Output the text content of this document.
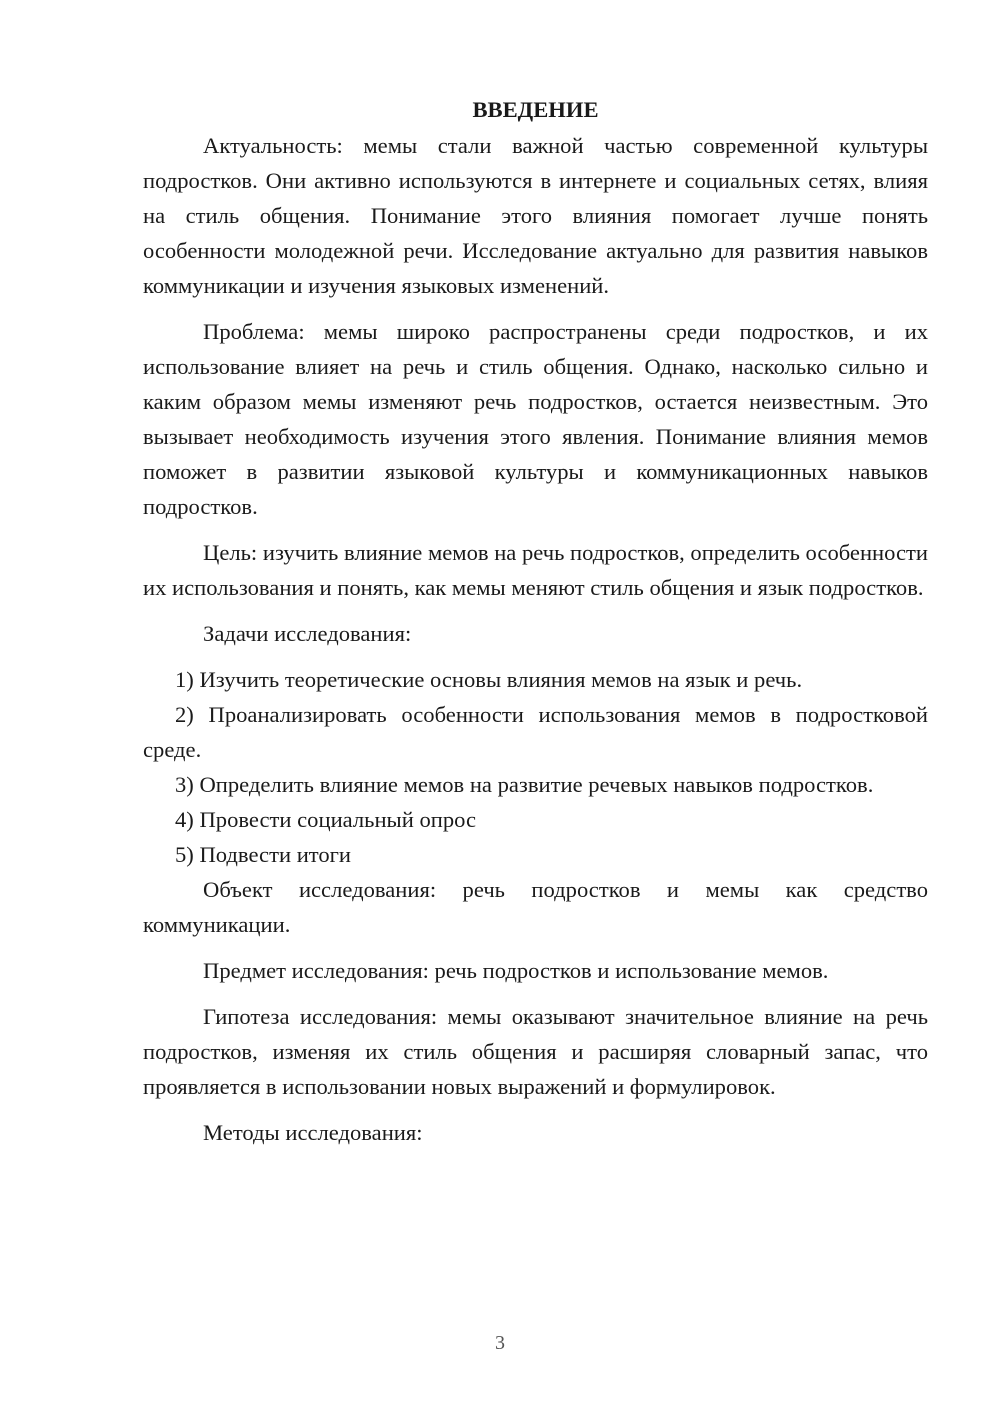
ВВЕДЕНИЕ

Актуальность: мемы стали важной частью современной культуры подростков. Они активно используются в интернете и социальных сетях, влияя на стиль общения. Понимание этого влияния помогает лучше понять особенности молодежной речи. Исследование актуально для развития навыков коммуникации и изучения языковых изменений.

Проблема: мемы широко распространены среди подростков, и их использование влияет на речь и стиль общения. Однако, насколько сильно и каким образом мемы изменяют речь подростков, остается неизвестным. Это вызывает необходимость изучения этого явления. Понимание влияния мемов поможет в развитии языковой культуры и коммуникационных навыков подростков.

Цель: изучить влияние мемов на речь подростков, определить особенности их использования и понять, как мемы меняют стиль общения и язык подростков.

Задачи исследования:

1) Изучить теоретические основы влияния мемов на язык и речь.

2) Проанализировать особенности использования мемов в подростковой среде.

3) Определить влияние мемов на развитие речевых навыков подростков.

4) Провести социальный опрос

5) Подвести итоги

Объект исследования: речь подростков и мемы как средство коммуникации.

Предмет исследования: речь подростков и использование мемов.

Гипотеза исследования: мемы оказывают значительное влияние на речь подростков, изменяя их стиль общения и расширяя словарный запас, что проявляется в использовании новых выражений и формулировок.

Методы исследования:

3
